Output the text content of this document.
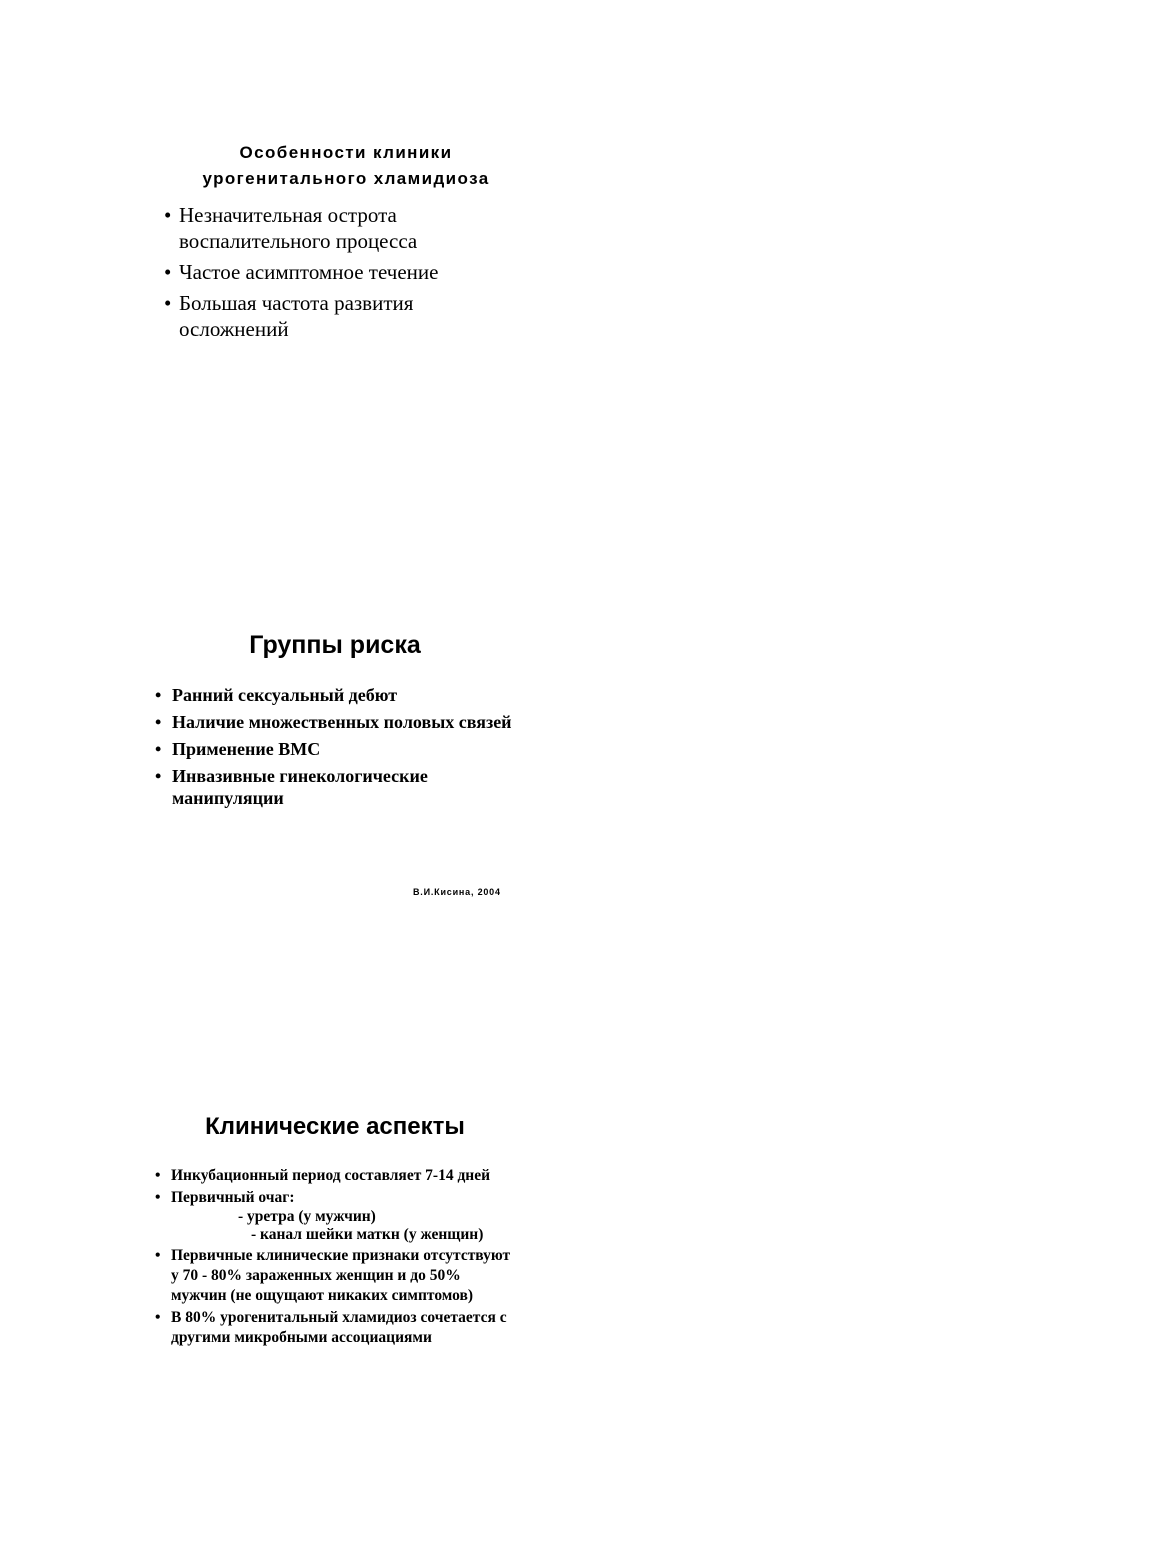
Особенности клиники
урогенитального хламидиоза
• Незначительная острота
воспалительного процесса
• Частое асимптомное течение
• Большая частота развития
осложнений
Группы риска
• Ранний сексуальный дебют
• Наличие множественных половых связей
• Применение ВМС
• Инвазивные гинекологические
манипуляции
В.И.Кисина, 2004
Клинические аспекты
• Инкубационный период составляет 7-14 дней
• Первичный очаг:
- уретра (у мужчин)
- канал шейки маткн (у женщин)
• Первичные клинические признаки отсутствуют
у 70 - 80% зараженных женщин и до 50%
мужчин (не ощущают никаких симптомов)
• В 80% урогенитальный хламидиоз сочетается с
другими микробными ассоциациями
